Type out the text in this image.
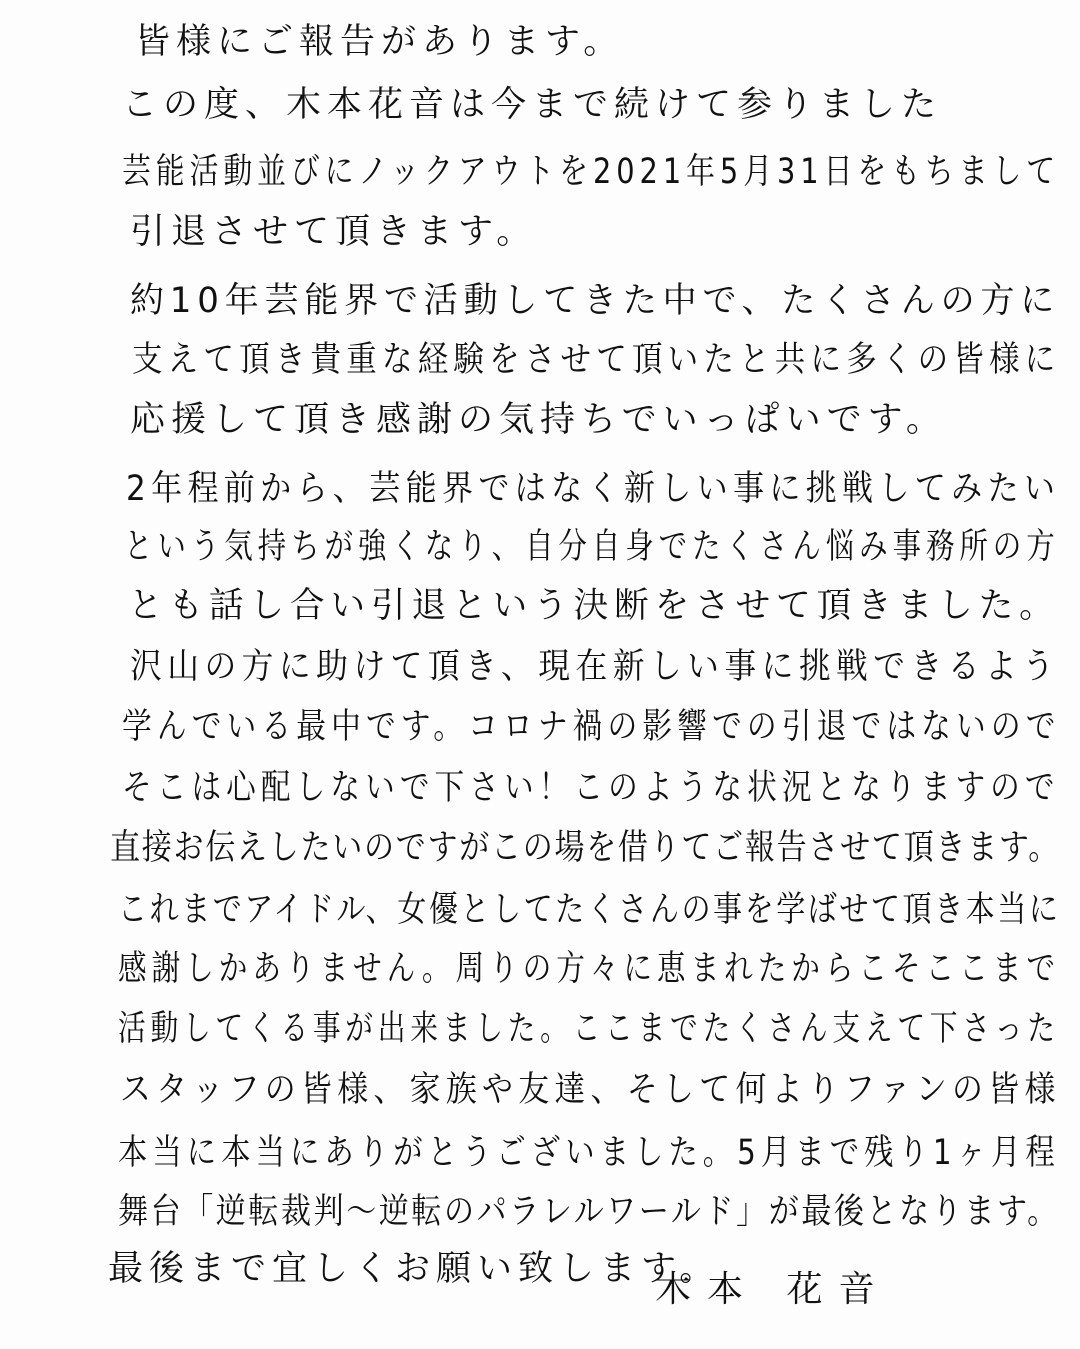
皆様にご報告があります。
この度、木本花音は今まで続けて参りました
芸能活動並びにノックアウトを2021年5月31日をもちまして
引退させて頂きます。
約10年芸能界で活動してきた中で、たくさんの方に
支えて頂き貴重な経験をさせて頂いたと共に多くの皆様に
応援して頂き感謝の気持ちでいっぱいです。
2年程前から、芸能界ではなく新しい事に挑戦してみたい
という気持ちが強くなり、自分自身でたくさん悩み事務所の方
とも話し合い引退という決断をさせて頂きました。
沢山の方に助けて頂き、現在新しい事に挑戦できるよう
学んでいる最中です。コロナ禍の影響での引退ではないので
そこは心配しないで下さい！このような状況となりますので
直接お伝えしたいのですがこの場を借りてご報告させて頂きます。
これまでアイドル、女優としてたくさんの事を学ばせて頂き本当に
感謝しかありません。周りの方々に恵まれたからこそここまで
活動してくる事が出来ました。ここまでたくさん支えて下さった
スタッフの皆様、家族や友達、そして何よりファンの皆様
本当に本当にありがとうございました。5月まで残り1ヶ月程
舞台「逆転裁判～逆転のパラレルワールド」が最後となります。
最後まで宜しくお願い致します。
木本 花音
